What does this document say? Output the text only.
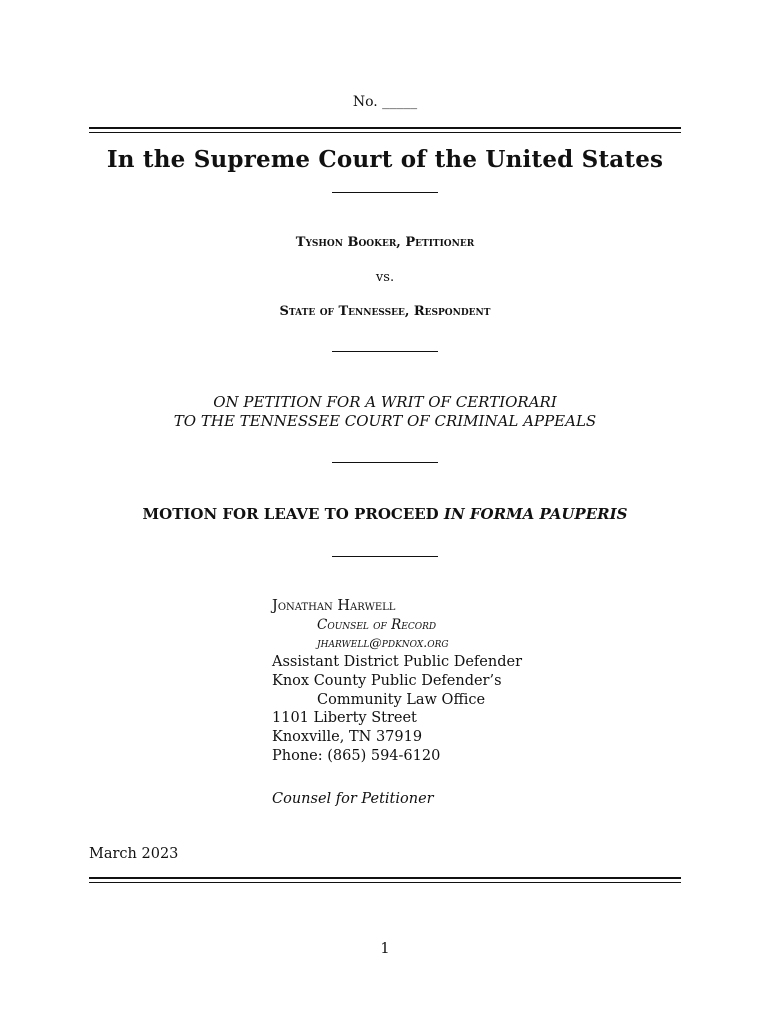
No. _____
In the Supreme Court of the United States
Tyshon Booker, Petitioner
vs.
State of Tennessee, Respondent
ON PETITION FOR A WRIT OF CERTIORARI
TO THE TENNESSEE COURT OF CRIMINAL APPEALS
MOTION FOR LEAVE TO PROCEED IN FORMA PAUPERIS
Jonathan Harwell
Counsel of Record
jharwell@pdknox.org
Assistant District Public Defender
Knox County Public Defender’s
Community Law Office
1101 Liberty Street
Knoxville, TN 37919
Phone: (865) 594-6120
Counsel for Petitioner
March 2023
1
